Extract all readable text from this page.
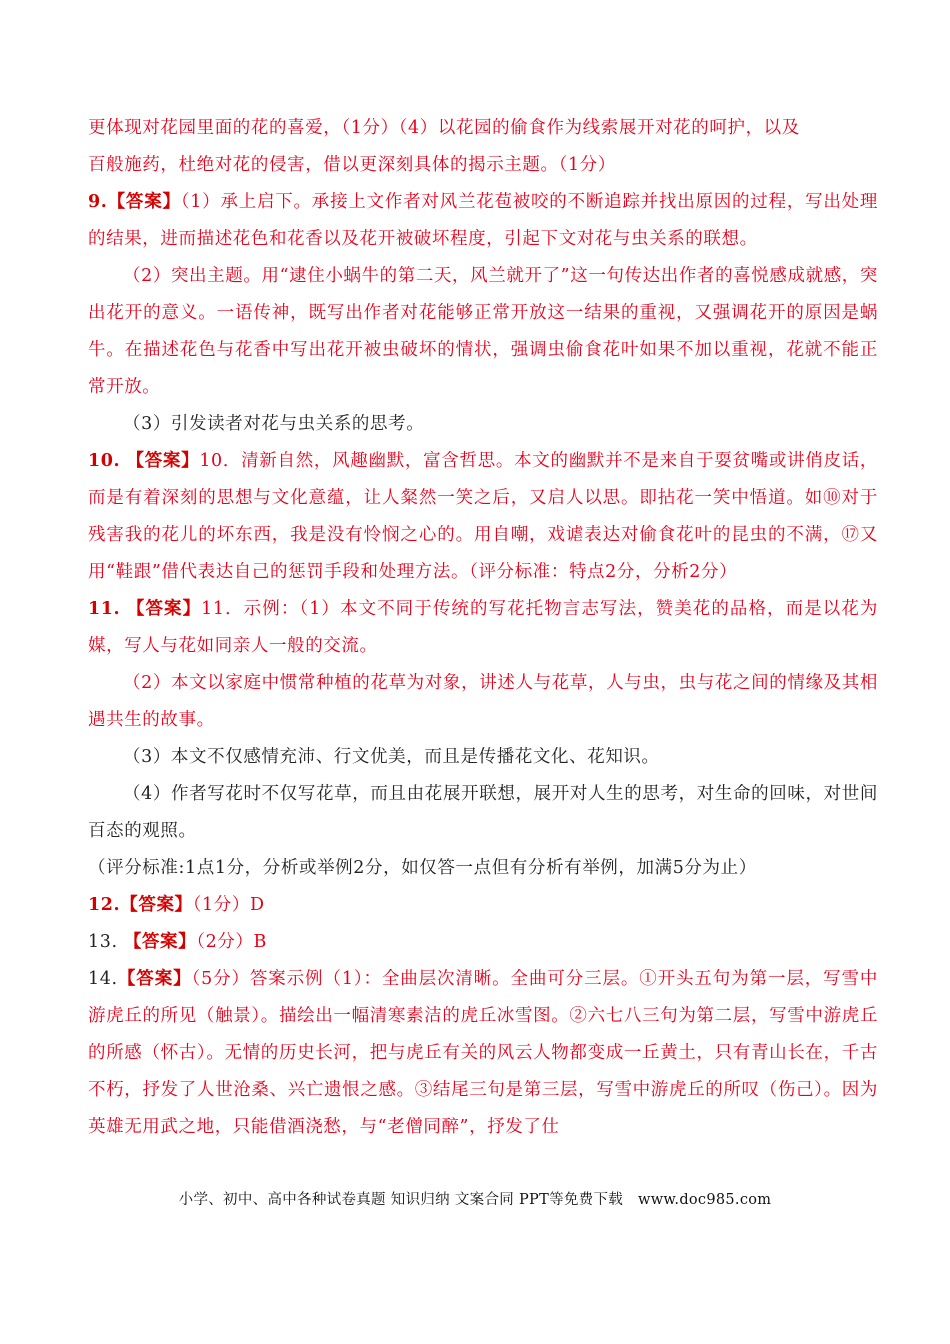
更体现对花园里面的花的喜爱，（1分）（4）以花园的偷食作为线索展开对花的呵护，以及

百般施药，杜绝对花的侵害，借以更深刻具体的揭示主题。（1分）

9.【答案】（1）承上启下。承接上文作者对风兰花苞被咬的不断追踪并找出原因的过程，写出处理的结果，进而描述花色和花香以及花开被破坏程度，引起下文对花与虫关系的联想。

（2）突出主题。用“逮住小蜗牛的第二天，风兰就开了”这一句传达出作者的喜悦感成就感，突出花开的意义。一语传神，既写出作者对花能够正常开放这一结果的重视，又强调花开的原因是蜗牛。在描述花色与花香中写出花开被虫破坏的情状，强调虫偷食花叶如果不加以重视，花就不能正常开放。

（3）引发读者对花与虫关系的思考。

10. 【答案】10．清新自然，风趣幽默，富含哲思。本文的幽默并不是来自于耍贫嘴或讲俏皮话，而是有着深刻的思想与文化意蕴，让人粲然一笑之后，又启人以思。即拈花一笑中悟道。如⑩对于残害我的花儿的坏东西，我是没有怜悯之心的。用自嘲，戏谑表达对偷食花叶的昆虫的不满，⑰又用“鞋跟”借代表达自己的惩罚手段和处理方法。（评分标准：特点2分，分析2分）

11. 【答案】11．示例：（1）本文不同于传统的写花托物言志写法，赞美花的品格，而是以花为媒，写人与花如同亲人一般的交流。

（2）本文以家庭中惯常种植的花草为对象，讲述人与花草，人与虫，虫与花之间的情缘及其相遇共生的故事。

（3）本文不仅感情充沛、行文优美，而且是传播花文化、花知识。

（4）作者写花时不仅写花草，而且由花展开联想，展开对人生的思考，对生命的回味，对世间百态的观照。

（评分标准:1点1分，分析或举例2分，如仅答一点但有分析有举例，加满5分为止）

12.【答案】（1分）D

13. 【答案】（2分）B

14.【答案】（5分）答案示例（1）：全曲层次清晰。全曲可分三层。①开头五句为第一层，写雪中游虎丘的所见（触景）。描绘出一幅清寒素洁的虎丘冰雪图。②六七八三句为第二层，写雪中游虎丘的所感（怀古）。无情的历史长河，把与虎丘有关的风云人物都变成一丘黄土，只有青山长在，千古不朽，抒发了人世沧桑、兴亡遗恨之感。③结尾三句是第三层，写雪中游虎丘的所叹（伤己）。因为英雄无用武之地，只能借酒浇愁，与“老僧同醉”，抒发了仕

小学、初中、高中各种试卷真题 知识归纳 文案合同 PPT等免费下载 www.doc985.com
